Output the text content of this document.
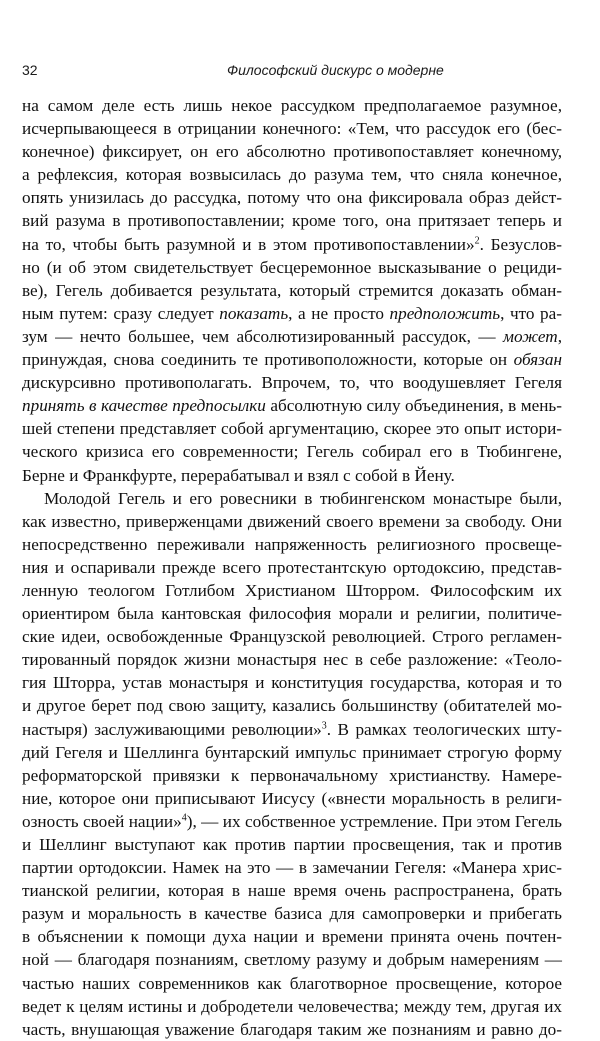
32	Философский дискурс о модерне
на самом деле есть лишь некое рассудком предполагаемое разумное,
исчерпывающееся в отрицании конечного: «Тем, что рассудок его (бес-
конечное) фиксирует, он его абсолютно противопоставляет конечному,
а рефлексия, которая возвысилась до разума тем, что сняла конечное,
опять унизилась до рассудка, потому что она фиксировала образ дейст-
вий разума в противопоставлении; кроме того, она притязает теперь и
на то, чтобы быть разумной и в этом противопоставлении»$^2$. Безуслов-
но (и об этом свидетельствует бесцеремонное высказывание о рециди-
ве), Гегель добивается результата, который стремится доказать обман-
ным путем: сразу следует показать, а не просто предположить, что ра-
зум — нечто большее, чем абсолютизированный рассудок, — может,
принуждая, снова соединить те противоположности, которые он обязан
дискурсивно противополагать. Впрочем, то, что воодушевляет Гегеля
принять в качестве предпосылки абсолютную силу объединения, в мень-
шей степени представляет собой аргументацию, скорее это опыт истори-
ческого кризиса его современности; Гегель собирал его в Тюбингене,
Берне и Франкфурте, перерабатывал и взял с собой в Йену.
Молодой Гегель и его ровесники в тюбингенском монастыре были,
как известно, приверженцами движений своего времени за свободу. Они
непосредственно переживали напряженность религиозного просвеще-
ния и оспаривали прежде всего протестантскую ортодоксию, представ-
ленную теологом Готлибом Христианом Шторром. Философским их
ориентиром была кантовская философия морали и религии, политиче-
ские идеи, освобожденные Французской революцией. Строго регламен-
тированный порядок жизни монастыря нес в себе разложение: «Теоло-
гия Шторра, устав монастыря и конституция государства, которая и то
и другое берет под свою защиту, казались большинству (обитателей мо-
настыря) заслуживающими революции»$^3$. В рамках теологических шту-
дий Гегеля и Шеллинга бунтарский импульс принимает строгую форму
реформаторской привязки к первоначальному христианству. Намере-
ние, которое они приписывают Иисусу («внести моральность в религи-
озность своей нации»$^4$), — их собственное устремление. При этом Гегель
и Шеллинг выступают как против партии просвещения, так и против
партии ортодоксии. Намек на это — в замечании Гегеля: «Манера хрис-
тианской религии, которая в наше время очень распространена, брать
разум и моральность в качестве базиса для самопроверки и прибегать
в объяснении к помощи духа нации и времени принята очень почтен-
ной — благодаря познаниям, светлому разуму и добрым намерениям —
частью наших современников как благотворное просвещение, которое
ведет к целям истины и добродетели человечества; между тем, другая их
часть, внушающая уважение благодаря таким же познаниям и равно до-
